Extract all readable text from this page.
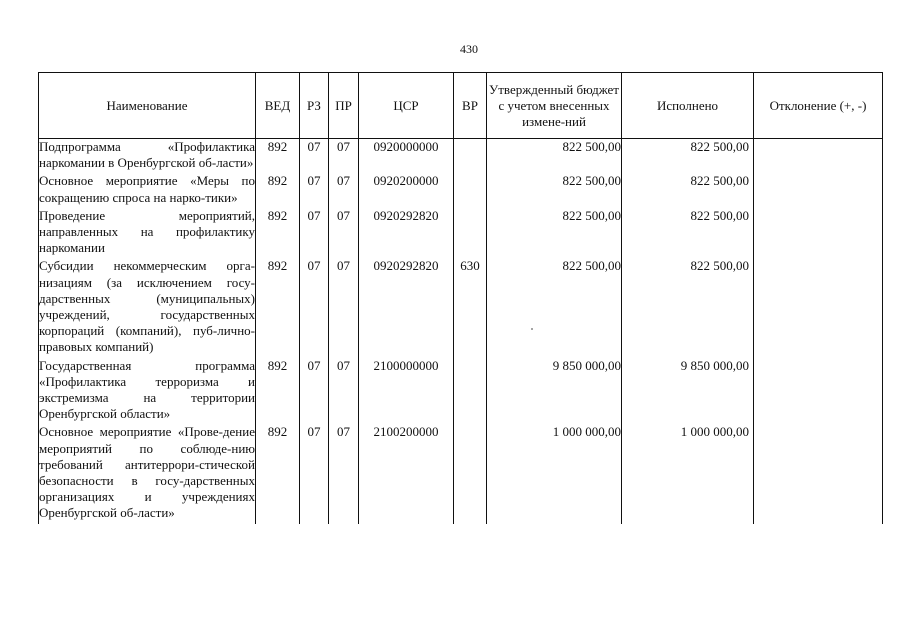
430
Наименование	ВЕД	РЗ	ПР	ЦСР	ВР	Утвержденный бюджет с учетом внесенных измене-ний	Исполнено	Отклонение (+, -)
Подпрограмма «Профилактика наркомании в Оренбургской об-ласти»	892	07	07	0920000000		822 500,00	822 500,00	
Основное мероприятие «Меры по сокращению спроса на нарко-тики»	892	07	07	0920200000		822 500,00	822 500,00	
Проведение мероприятий, направленных на профилактику наркомании	892	07	07	0920292820		822 500,00	822 500,00	
Субсидии некоммерческим орга-низациям (за исключением госу-дарственных (муниципальных) учреждений, государственных корпораций (компаний), пуб-лично-правовых компаний)	892	07	07	0920292820	630	822 500,00	822 500,00	
Государственная программа «Профилактика терроризма и экстремизма на территории Оренбургской области»	892	07	07	2100000000		9 850 000,00	9 850 000,00	
Основное мероприятие «Прове-дение мероприятий по соблюде-нию требований антитеррори-стической безопасности в госу-дарственных организациях и учреждениях Оренбургской об-ласти»	892	07	07	2100200000		1 000 000,00	1 000 000,00	
